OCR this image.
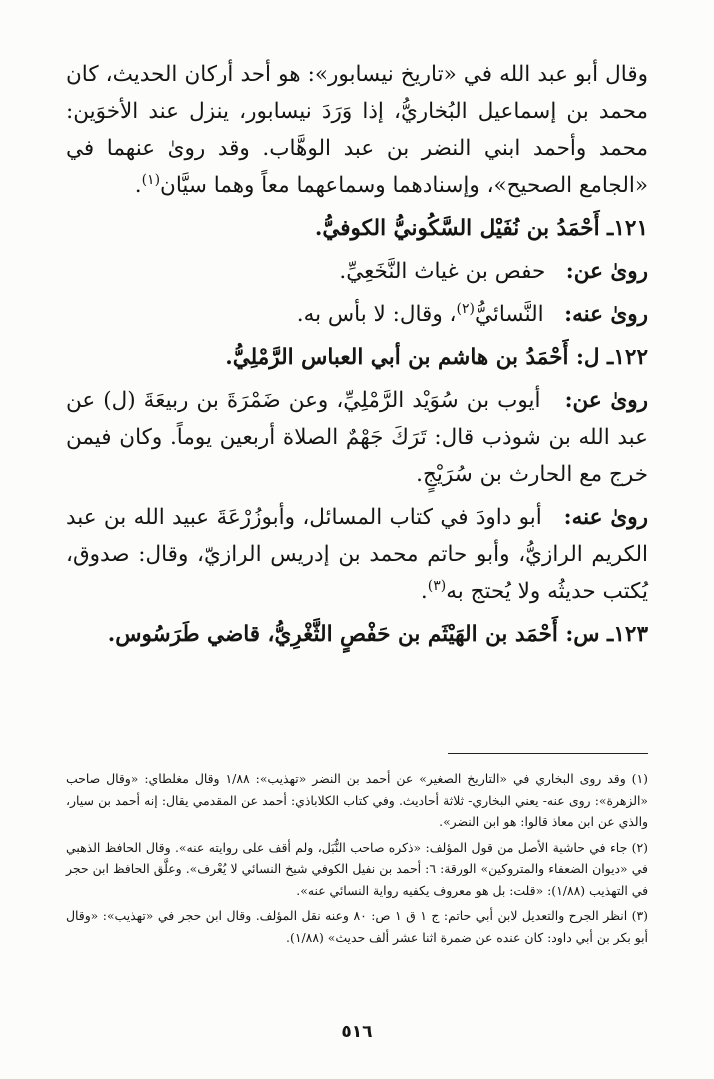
وقال أبو عبد الله في «تاريخ نيسابور»: هو أحد أركان الحديث، كان محمد بن إسماعيل البُخاريُّ، إذا وَرَدَ نيسابور، ينزل عند الأخوَين: محمد وأحمد ابني النضر بن عبد الوهَّاب. وقد روىٰ عنهما في «الجامع الصحيح»، وإسنادهما وسماعهما معاً وهما سيَّان$^{(١)}$.

١٢١ـ أَحْمَدُ بن نُفَيْل السَّكُونيُّ الكوفيُّ.

روىٰ عن:   حفص بن غياث النَّخَعِيِّ.

روىٰ عنه:   النَّسائيُّ$^{(٢)}$، وقال: لا بأس به.

١٢٢ـ ل: أَحْمَدُ بن هاشم بن أبي العباس الرَّمْلِيُّ.

روىٰ عن:   أيوب بن سُوَيْد الرَّمْلِيِّ، وعن ضَمْرَةَ بن ربيعَةَ (ل) عن عبد الله بن شوذب قال: تَرَكَ جَهْمٌ الصلاة أربعين يوماً. وكان فيمن خرج مع الحارث بن سُرَيْجٍ.

روىٰ عنه:   أبو داودَ في كتاب المسائل، وأبوزُرْعَةَ عبيد الله بن عبد الكريم الرازيُّ، وأبو حاتم محمد بن إدريس الرازيّ، وقال: صدوق، يُكتب حديثُه ولا يُحتج به$^{(٣)}$.

١٢٣ـ س: أَحْمَد بن الهَيْثَم بن حَفْصٍ الثَّغْرِيُّ، قاضي طَرَسُوس.

(١) وقد روى البخاري في «التاريخ الصغير» عن أحمد بن النضر «تهذيب»: ١/٨٨ وقال مغلطاي: «وقال صاحب «الزهرة»: روى عنه- يعني البخاري- ثلاثة أحاديث. وفي كتاب الكلاباذي: أحمد عن المقدمي يقال: إنه أحمد بن سيار، والذي عن ابن معاذ قالوا: هو ابن النضر».

(٢) جاء في حاشية الأصل من قول المؤلف: «ذكره صاحب النُّبَل، ولم أقف على روايته عنه». وقال الحافظ الذهبي في «ديوان الضعفاء والمتروكين» الورقة: ٦: أحمد بن نفيل الكوفي شيخ النسائي لا يُعْرف». وعلَّق الحافظ ابن حجر في التهذيب (١/٨٨): «قلت: بل هو معروف يكفيه رواية النسائي عنه».

(٣) انظر الجرح والتعديل لابن أبي حاتم: ج ١ ق ١ ص: ٨٠ وعنه نقل المؤلف. وقال ابن حجر في «تهذيب»: «وقال أبو بكر بن أبي داود: كان عنده عن ضمرة اثنا عشر ألف حديث» (١/٨٨).

٥١٦
